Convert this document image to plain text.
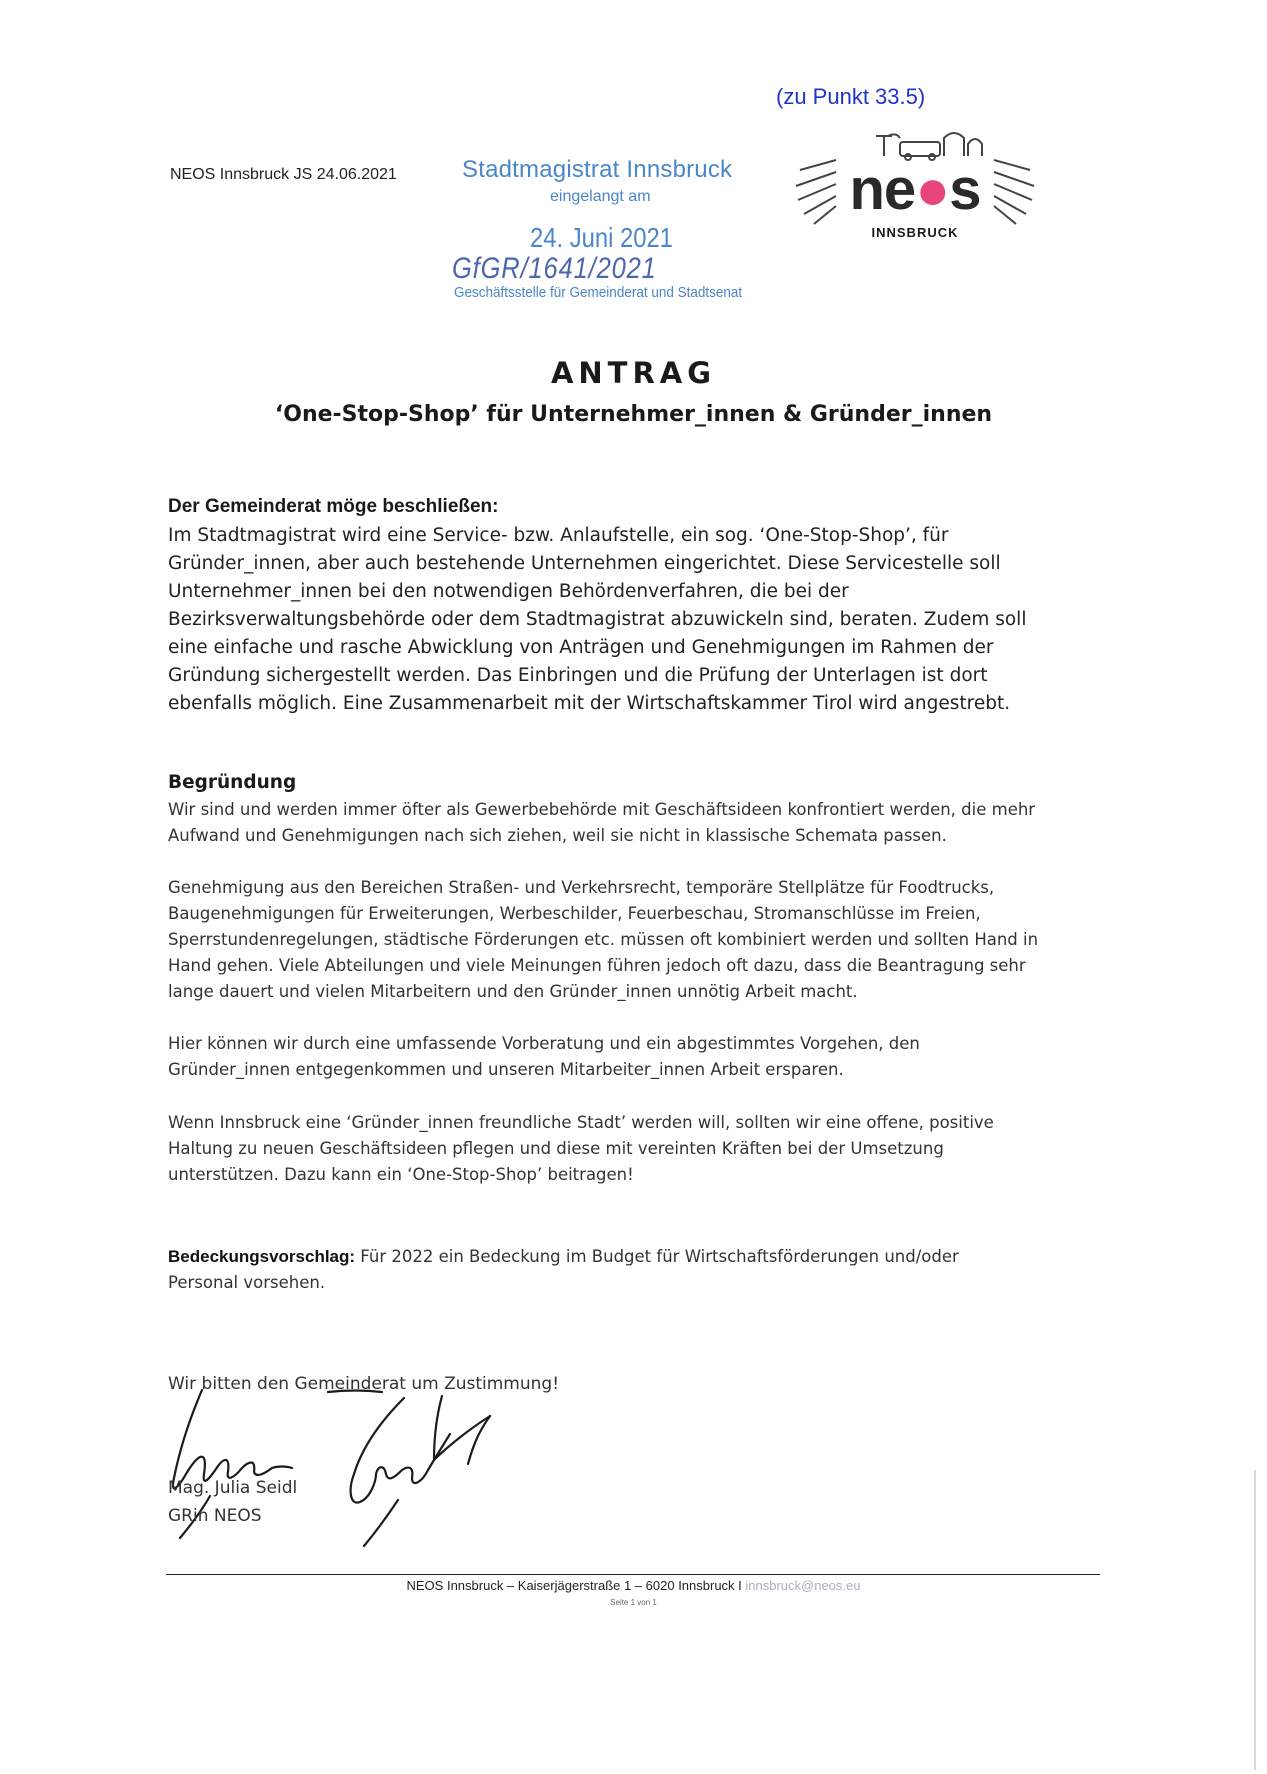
(zu Punkt 33.5)
NEOS Innsbruck JS 24.06.2021	Stadtmagistrat Innsbruck
eingelangt am
24. Juni 2021
GfGR/1641/2021
Geschäftsstelle für Gemeinderat und Stadtsenat
ne●s
INNSBRUCK
ANTRAG
‘One-Stop-Shop’ für Unternehmer_innen & Gründer_innen
Der Gemeinderat möge beschließen:

Im Stadtmagistrat wird eine Service- bzw. Anlaufstelle, ein sog. ‘One-Stop-Shop’, für

Gründer_innen, aber auch bestehende Unternehmen eingerichtet. Diese Servicestelle soll

Unternehmer_innen bei den notwendigen Behördenverfahren, die bei der

Bezirksverwaltungsbehörde oder dem Stadtmagistrat abzuwickeln sind, beraten. Zudem soll

eine einfache und rasche Abwicklung von Anträgen und Genehmigungen im Rahmen der

Gründung sichergestellt werden. Das Einbringen und die Prüfung der Unterlagen ist dort

ebenfalls möglich. Eine Zusammenarbeit mit der Wirtschaftskammer Tirol wird angestrebt.

Begründung

Wir sind und werden immer öfter als Gewerbebehörde mit Geschäftsideen konfrontiert werden, die mehr

Aufwand und Genehmigungen nach sich ziehen, weil sie nicht in klassische Schemata passen.

Genehmigung aus den Bereichen Straßen- und Verkehrsrecht, temporäre Stellplätze für Foodtrucks,

Baugenehmigungen für Erweiterungen, Werbeschilder, Feuerbeschau, Stromanschlüsse im Freien,

Sperrstundenregelungen, städtische Förderungen etc. müssen oft kombiniert werden und sollten Hand in

Hand gehen. Viele Abteilungen und viele Meinungen führen jedoch oft dazu, dass die Beantragung sehr

lange dauert und vielen Mitarbeitern und den Gründer_innen unnötig Arbeit macht.

Hier können wir durch eine umfassende Vorberatung und ein abgestimmtes Vorgehen, den

Gründer_innen entgegenkommen und unseren Mitarbeiter_innen Arbeit ersparen.

Wenn Innsbruck eine ‘Gründer_innen freundliche Stadt’ werden will, sollten wir eine offene, positive

Haltung zu neuen Geschäftsideen pflegen und diese mit vereinten Kräften bei der Umsetzung

unterstützen. Dazu kann ein ‘One-Stop-Shop’ beitragen!

Bedeckungsvorschlag: Für 2022 ein Bedeckung im Budget für Wirtschaftsförderungen und/oder

Personal vorsehen.

Wir bitten den Gemeinderat um Zustimmung!
Mag. Julia Seidl
GRin NEOS
NEOS Innsbruck – Kaiserjägerstraße 1 – 6020 Innsbruck I innsbruck@neos.eu
Seite 1 von 1
